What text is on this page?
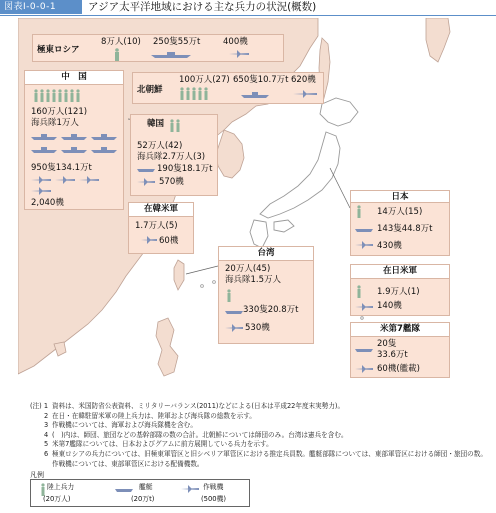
図表Ⅰ-0-0-1	アジア太平洋地域における主な兵力の状況(概数)
極東ロシア
8万人(10) 250隻55万t	400機
北朝鮮
100万人(27) 650隻10.7万t 620機
中　国
160万人(121)
海兵隊1万人
950隻134.1万t
2,040機
韓国
52万人(42)
海兵隊2.7万人(3)
190隻18.1万t
570機
在韓米軍
1.7万人(5)
60機
台湾
20万人(45)
海兵隊1.5万人
330隻20.8万t
530機
日本
14万人(15)
143隻44.8万t
430機
在日米軍
1.9万人(1)
140機
米第7艦隊
20隻
33.6万t
60機(艦載)
(注) 1 資料は、米国防省公表資料、ミリタリーバランス(2011)などによる(日本は平成22年度末実勢力)。
2 在日・在韓駐留米軍の陸上兵力は、陸軍および海兵隊の総数を示す。
3 作戦機については、海軍および海兵隊機を含む。
4 (　)内は、師団、旅団などの基幹部隊の数の合計。北朝鮮については師団のみ。台湾は憲兵を含む。
5 米第7艦隊については、日本およびグアムに前方展開している兵力を示す。
6 極東ロシアの兵力については、旧極東軍管区と旧シベリア軍管区における推定兵員数。艦艇部隊については、東部軍管区における師団・旅団の数。作戦機については、東部軍管区における配備機数。
凡例
陸上兵力
(20万人)
艦艇
(20万t)
作戦機
(500機)
